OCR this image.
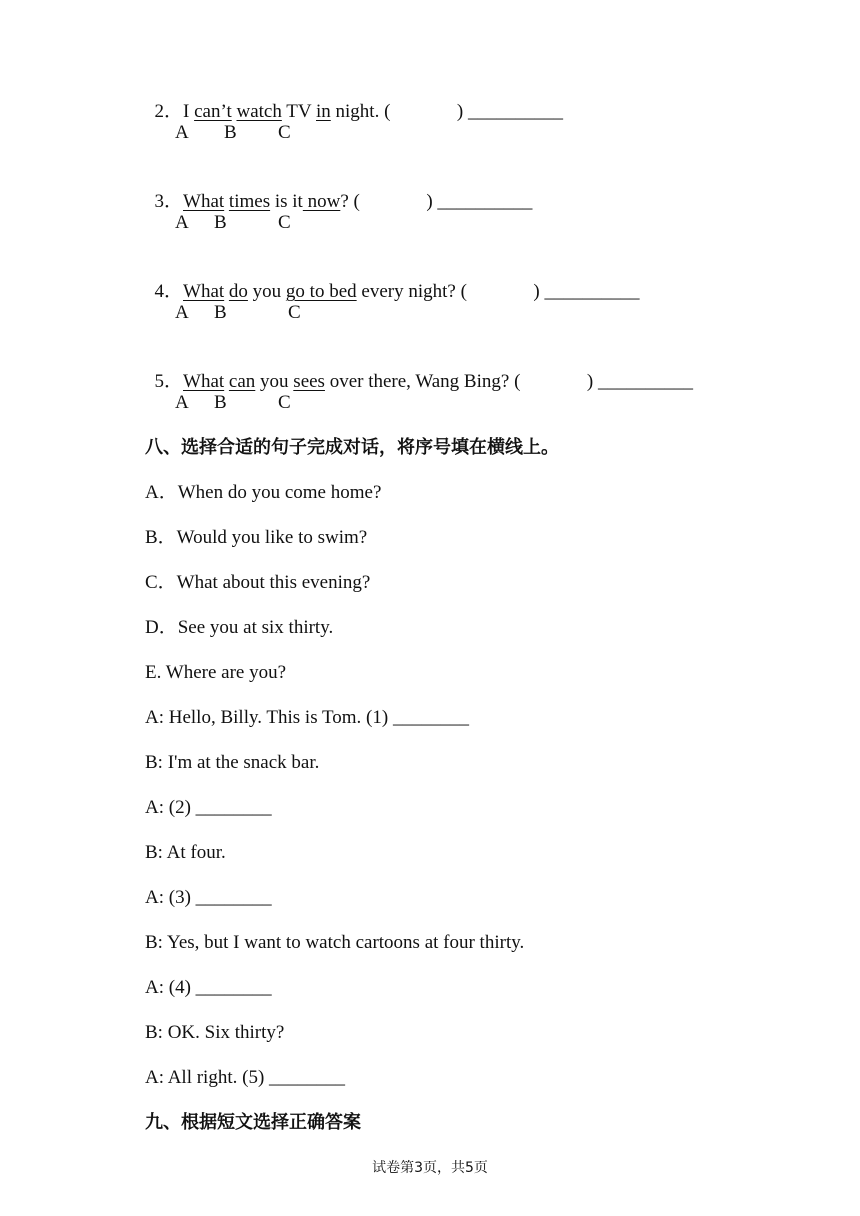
2．I can’t watch TV in night. (              ) __________

A B C

3．What times is it now? (              ) __________

A B	C

4．What do you go to bed every night? (              ) __________

A B	C

5．What can you sees over there, Wang Bing? (              ) __________

A B	C
八、选择合适的句子完成对话，将序号填在横线上。
A．When do you come home?
B．Would you like to swim?
C．What about this evening?
D．See you at six thirty.
E. Where are you?
A: Hello, Billy. This is Tom. (1) ________
B: I'm at the snack bar.
A: (2) ________
B: At four.
A: (3) ________
B: Yes, but I want to watch cartoons at four thirty.
A: (4) ________
B: OK. Six thirty?
A: All right. (5) ________
九、根据短文选择正确答案
试卷第3页，共5页
